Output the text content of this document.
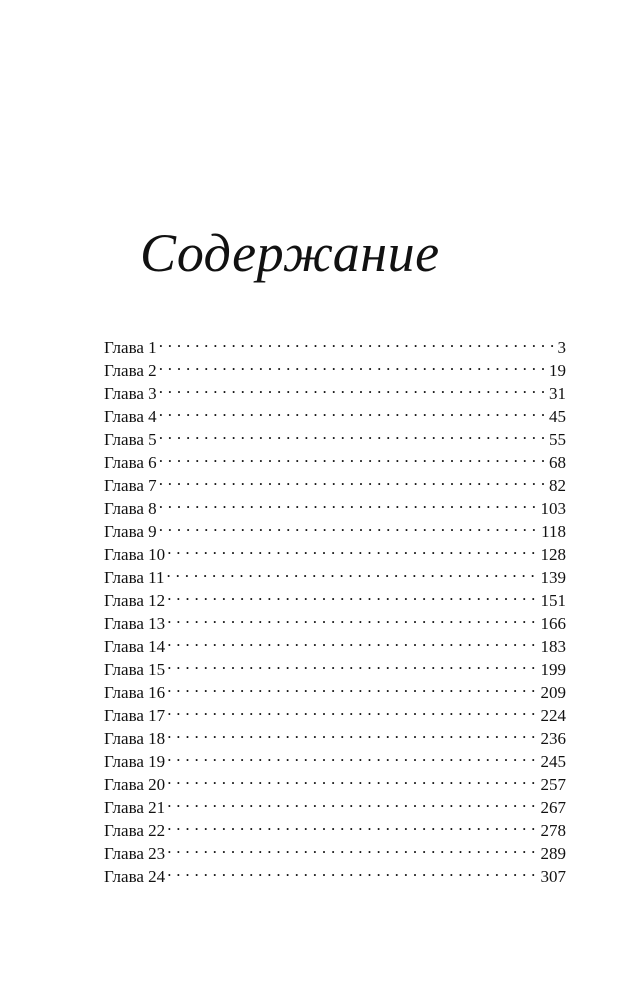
Содержание
Глава 1 . . .	3
Глава 2 . . .	19
Глава 3 . . .	31
Глава 4 . . .	45
Глава 5 . . .	55
Глава 6 . . .	68
Глава 7 . . .	82
Глава 8 . . .	103
Глава 9 . . .	118
Глава 10 . . .	128
Глава 11 . . .	139
Глава 12 . . .	151
Глава 13 . . .	166
Глава 14 . . .	183
Глава 15 . . .	199
Глава 16 . . .	209
Глава 17 . . .	224
Глава 18 . . .	236
Глава 19 . . .	245
Глава 20 . . .	257
Глава 21 . . .	267
Глава 22 . . .	278
Глава 23 . . .	289
Глава 24 . . .	307
